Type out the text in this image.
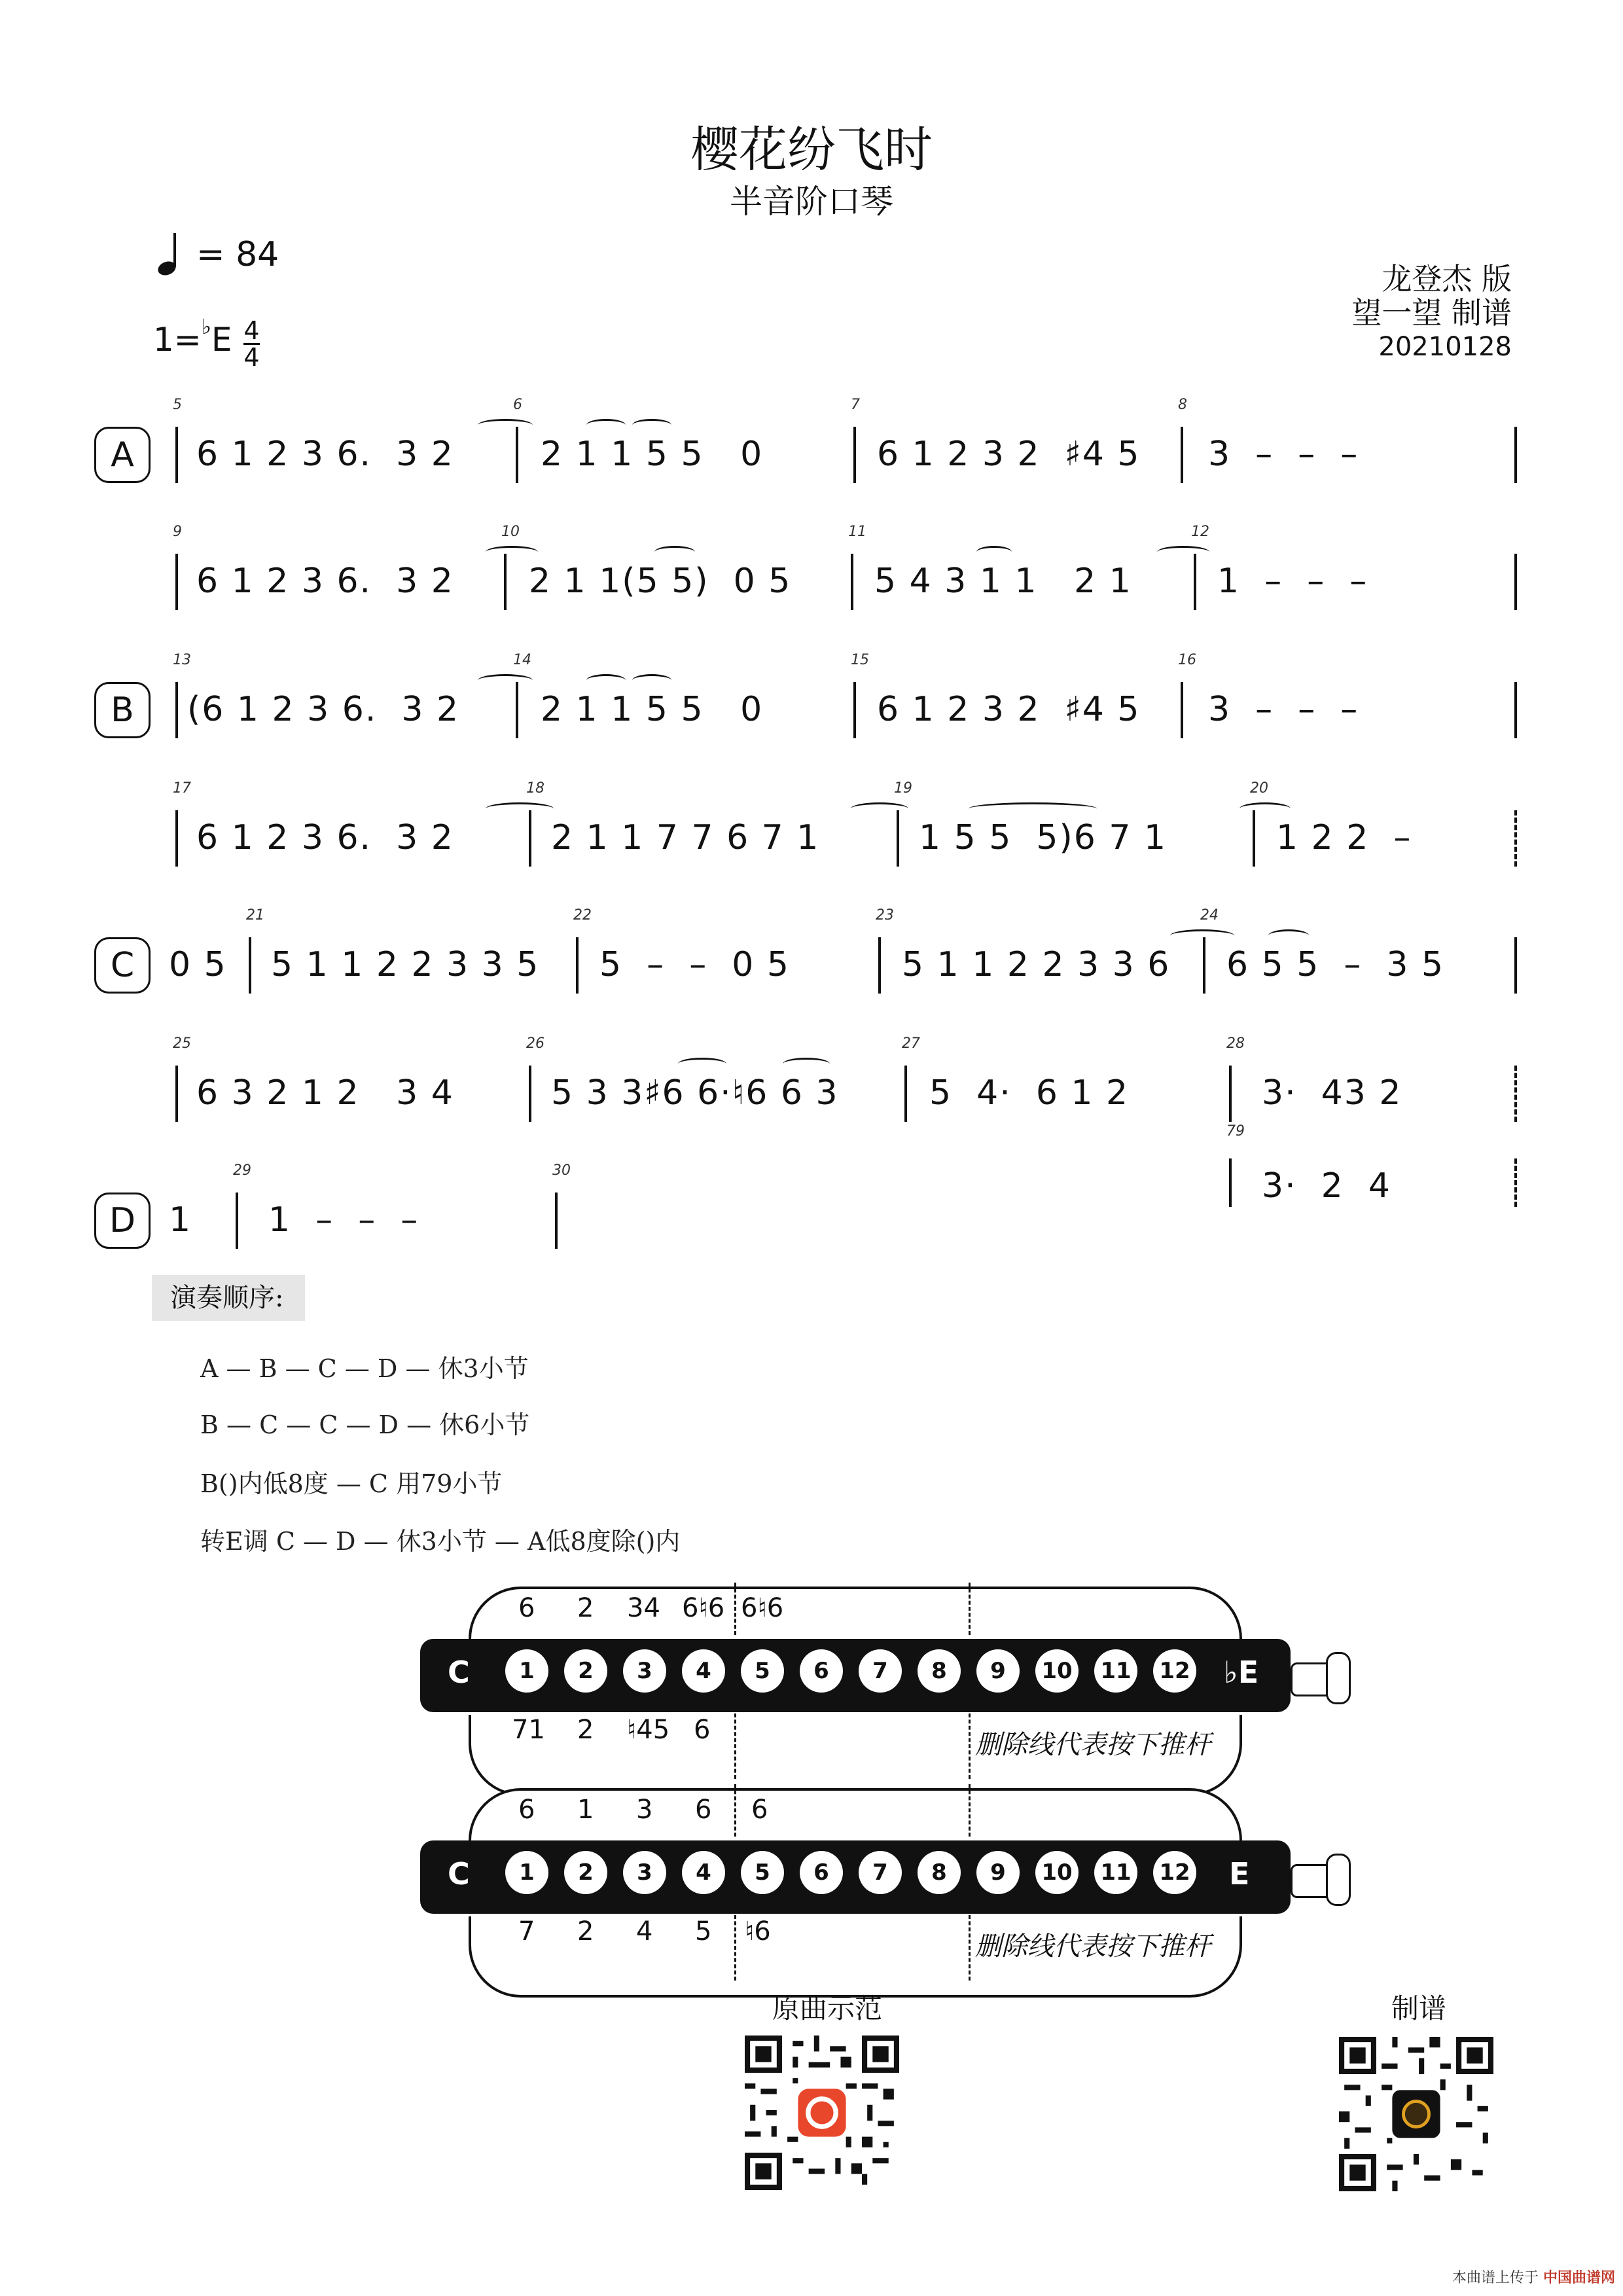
樱花纷飞时
半音阶口琴
= 84
1= ♭ E $\frac{4}{4}$
龙登杰 版
望一望 制谱
20210128
A
5
6 1 2 3 6.  3 2
6
2 1 1 5 5   0
7
6 1 2 3 2  ♯4 5
8
3  –  –  –
9
6 1 2 3 6.  3 2
10
2 1 1(5 5)  0 5
11
5 4 3 1 1   2 1
12
1  –  –  –
B
13
(6 1 2 3 6.  3 2
14
2 1 1 5 5   0
15
6 1 2 3 2  ♯4 5
16
3  –  –  –
17
6 1 2 3 6.  3 2
18
2 1 1 7 7 6 7 1
19
1 5 5  5)6 7 1
20
1 2 2  –
C	0 5
21
5 1 1 2 2 3 3 5
22
5  –  –  0 5
23
5 1 1 2 2 3 3 6
24
6 5 5  –  3 5
25
6 3 2 1 2   3 4
26
5 3 3♯6 6·♮6 6 3
27
5  4·  6 1 2
28
3·  43 2
D 1
29
1  –  –  –
30
79
3·  2  4
演奏顺序:
A — B — C — D — 休3小节
B — C — C — D — 休6小节
B()内低8度 — C 用79小节
转E调 C — D — 休3小节 — A低8度除()内
C	♭E
1	2	3	4	5	6	7	8	9	10 11 12
6 2 34 6♮6 6♮6
71 2 ♮45 6	删除线代表按下推杆
C	E
1	2	3	4	5	6	7	8	9	10 11 12
6 1 3 6 6
7 2 4 5 ♮6	删除线代表按下推杆
原曲示范	制谱
本曲谱上传于 中国曲谱网
